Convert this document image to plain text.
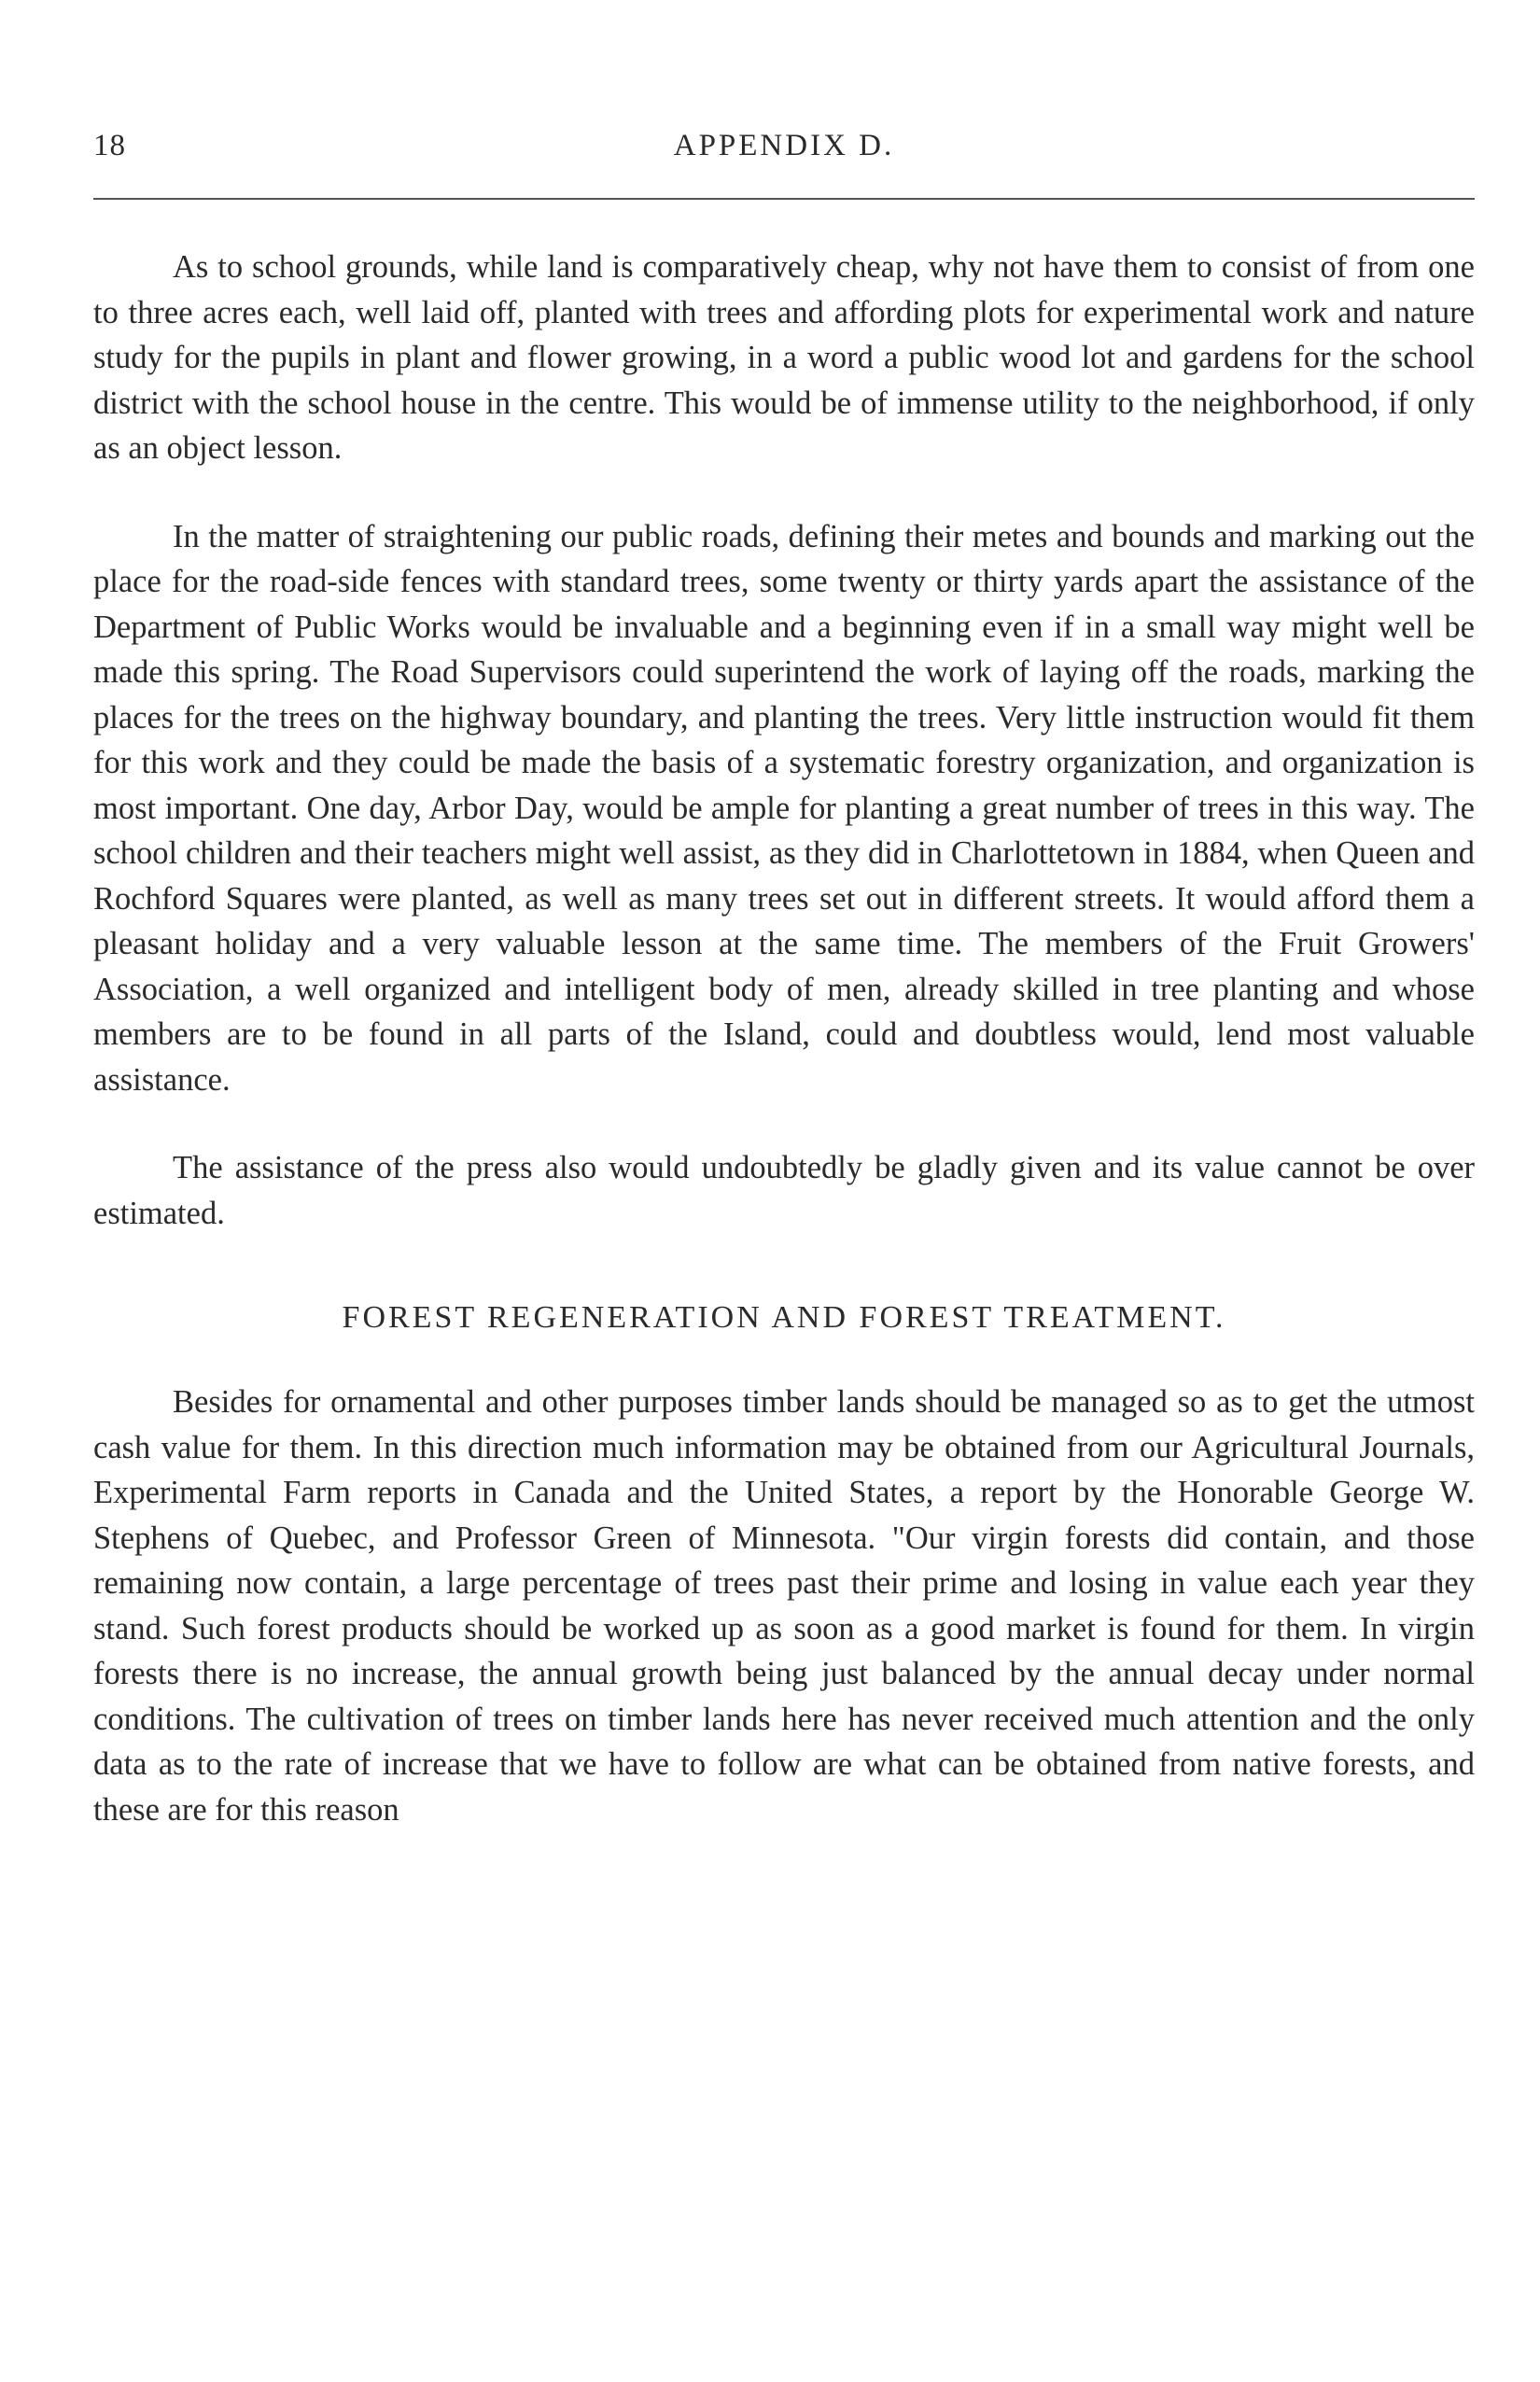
18	APPENDIX D.

As to school grounds, while land is comparatively cheap, why not have them to consist of from one to three acres each, well laid off, planted with trees and affording plots for experimental work and nature study for the pupils in plant and flower growing, in a word a public wood lot and gardens for the school district with the school house in the centre. This would be of immense utility to the neighborhood, if only as an object lesson.

In the matter of straightening our public roads, defining their metes and bounds and marking out the place for the road-side fences with standard trees, some twenty or thirty yards apart the assistance of the Department of Public Works would be invaluable and a beginning even if in a small way might well be made this spring. The Road Supervisors could superintend the work of laying off the roads, marking the places for the trees on the highway boundary, and planting the trees. Very little instruction would fit them for this work and they could be made the basis of a systematic forestry organization, and organization is most important. One day, Arbor Day, would be ample for planting a great number of trees in this way. The school children and their teachers might well assist, as they did in Charlottetown in 1884, when Queen and Rochford Squares were planted, as well as many trees set out in different streets. It would afford them a pleasant holiday and a very valuable lesson at the same time. The members of the Fruit Growers' Association, a well organized and intelligent body of men, already skilled in tree planting and whose members are to be found in all parts of the Island, could and doubtless would, lend most valuable assistance.

The assistance of the press also would undoubtedly be gladly given and its value cannot be over estimated.

FOREST REGENERATION AND FOREST TREATMENT.

Besides for ornamental and other purposes timber lands should be managed so as to get the utmost cash value for them. In this direction much information may be obtained from our Agricultural Journals, Experimental Farm reports in Canada and the United States, a report by the Honorable George W. Stephens of Quebec, and Professor Green of Minnesota. "Our virgin forests did contain, and those remaining now contain, a large percentage of trees past their prime and losing in value each year they stand. Such forest products should be worked up as soon as a good market is found for them. In virgin forests there is no increase, the annual growth being just balanced by the annual decay under normal conditions. The cultivation of trees on timber lands here has never received much attention and the only data as to the rate of increase that we have to follow are what can be obtained from native forests, and these are for this reason
